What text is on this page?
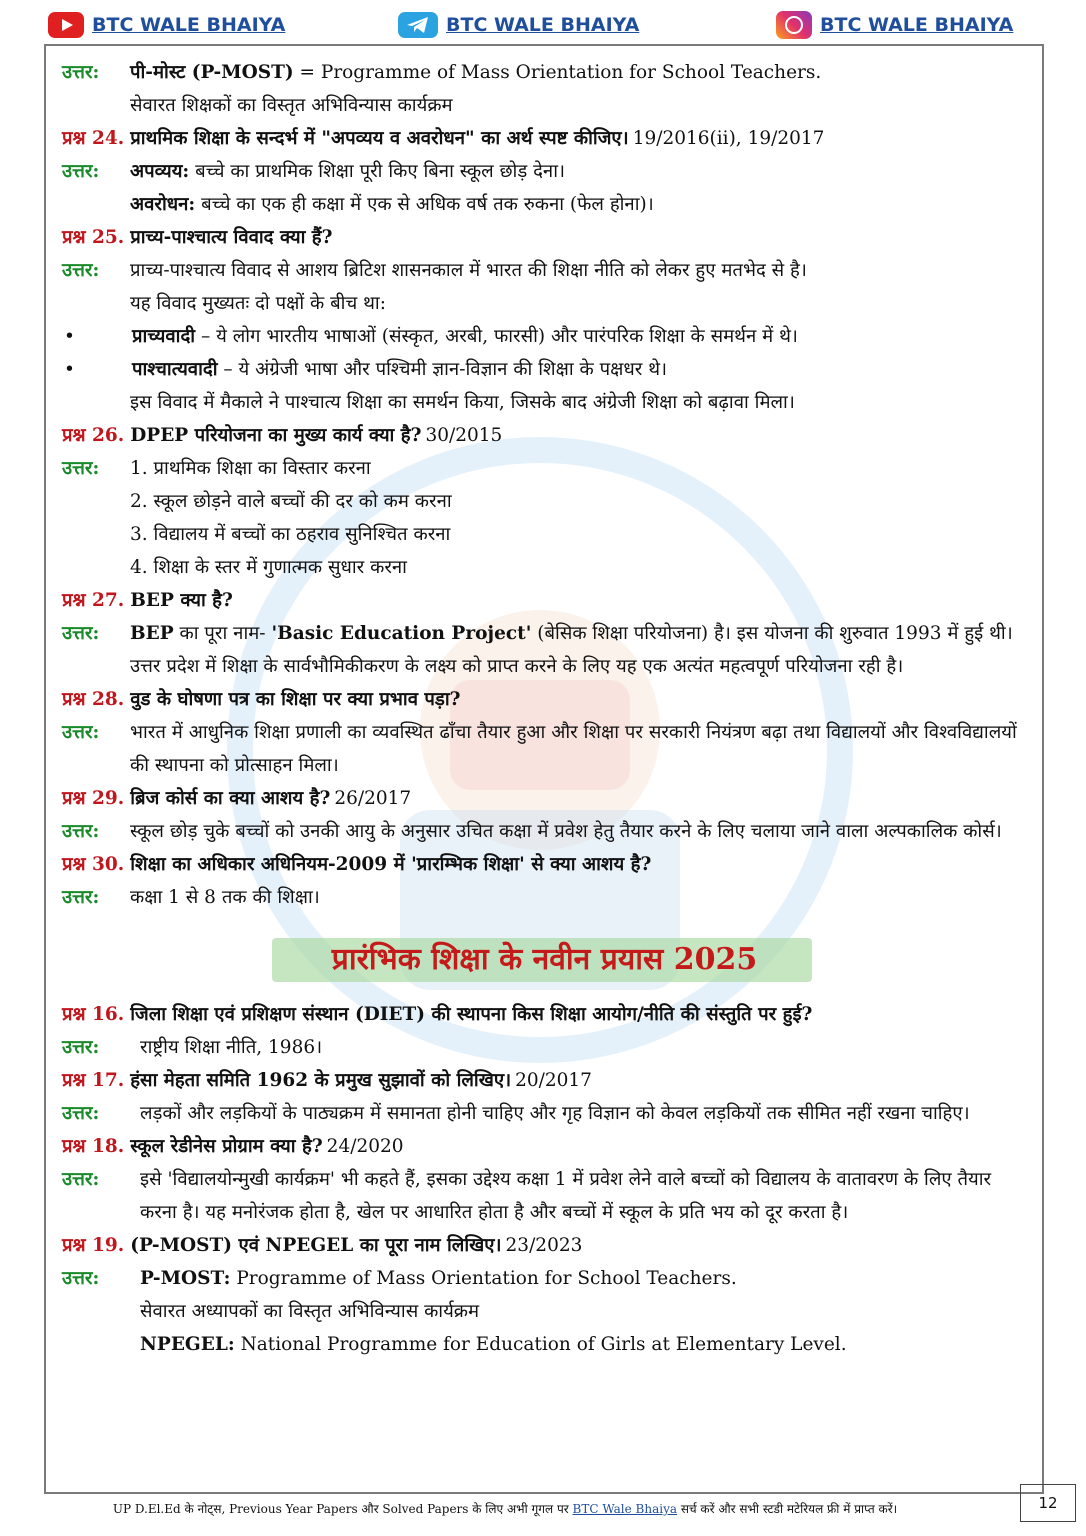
BTC WALE BHAIYA	BTC WALE BHAIYA	BTC WALE BHAIYA
उत्तर:	पी-मोस्ट (P-MOST) = Programme of Mass Orientation for School Teachers.

सेवारत शिक्षकों का विस्तृत अभिविन्यास कार्यक्रम

प्रश्न 24. प्राथमिक शिक्षा के सन्दर्भ में "अपव्यय व अवरोधन" का अर्थ स्पष्ट कीजिए। 19/2016(ii), 19/2017
उत्तर:	अपव्यय: बच्चे का प्राथमिक शिक्षा पूरी किए बिना स्कूल छोड़ देना।

अवरोधन: बच्चे का एक ही कक्षा में एक से अधिक वर्ष तक रुकना (फेल होना)।

प्रश्न 25. प्राच्य-पाश्चात्य विवाद क्या हैं?
उत्तर:	प्राच्य-पाश्चात्य विवाद से आशय ब्रिटिश शासनकाल में भारत की शिक्षा नीति को लेकर हुए मतभेद से है।

यह विवाद मुख्यतः दो पक्षों के बीच था:

•	प्राच्यवादी – ये लोग भारतीय भाषाओं (संस्कृत, अरबी, फारसी) और पारंपरिक शिक्षा के समर्थन में थे।
•	पाश्चात्यवादी – ये अंग्रेजी भाषा और पश्चिमी ज्ञान-विज्ञान की शिक्षा के पक्षधर थे।
इस विवाद में मैकाले ने पाश्चात्य शिक्षा का समर्थन किया, जिसके बाद अंग्रेजी शिक्षा को बढ़ावा मिला।
प्रश्न 26. DPEP परियोजना का मुख्य कार्य क्या है? 30/2015
उत्तर:	1. प्राथमिक शिक्षा का विस्तार करना

2. स्कूल छोड़ने वाले बच्चों की दर को कम करना

3. विद्यालय में बच्चों का ठहराव सुनिश्चित करना

4. शिक्षा के स्तर में गुणात्मक सुधार करना

प्रश्न 27. BEP क्या है?
उत्तर:	BEP का पूरा नाम- 'Basic Education Project' (बेसिक शिक्षा परियोजना) है। इस योजना की शुरुवात 1993 में हुई थी। उत्तर प्रदेश में शिक्षा के सार्वभौमिकीकरण के लक्ष्य को प्राप्त करने के लिए यह एक अत्यंत महत्वपूर्ण परियोजना रही है।
प्रश्न 28. वुड के घोषणा पत्र का शिक्षा पर क्या प्रभाव पड़ा?
उत्तर:	भारत में आधुनिक शिक्षा प्रणाली का व्यवस्थित ढाँचा तैयार हुआ और शिक्षा पर सरकारी नियंत्रण बढ़ा तथा विद्यालयों और विश्वविद्यालयों की स्थापना को प्रोत्साहन मिला।
प्रश्न 29. ब्रिज कोर्स का क्या आशय है? 26/2017
उत्तर:	स्कूल छोड़ चुके बच्चों को उनकी आयु के अनुसार उचित कक्षा में प्रवेश हेतु तैयार करने के लिए चलाया जाने वाला अल्पकालिक कोर्स।
प्रश्न 30. शिक्षा का अधिकार अधिनियम-2009 में 'प्रारम्भिक शिक्षा' से क्या आशय है?
उत्तर:	कक्षा 1 से 8 तक की शिक्षा।
प्रारंभिक शिक्षा के नवीन प्रयास 2025
प्रश्न 16. जिला शिक्षा एवं प्रशिक्षण संस्थान (DIET) की स्थापना किस शिक्षा आयोग/नीति की संस्तुति पर हुई?
उत्तर:	राष्ट्रीय शिक्षा नीति, 1986।
प्रश्न 17. हंसा मेहता समिति 1962 के प्रमुख सुझावों को लिखिए। 20/2017
उत्तर:	लड़कों और लड़कियों के पाठ्यक्रम में समानता होनी चाहिए और गृह विज्ञान को केवल लड़कियों तक सीमित नहीं रखना चाहिए।
प्रश्न 18. स्कूल रेडीनेस प्रोग्राम क्या है? 24/2020
उत्तर:	इसे 'विद्यालयोन्मुखी कार्यक्रम' भी कहते हैं, इसका उद्देश्य कक्षा 1 में प्रवेश लेने वाले बच्चों को विद्यालय के वातावरण के लिए तैयार करना है। यह मनोरंजक होता है, खेल पर आधारित होता है और बच्चों में स्कूल के प्रति भय को दूर करता है।
प्रश्न 19. (P-MOST) एवं NPEGEL का पूरा नाम लिखिए। 23/2023
उत्तर:	P-MOST: Programme of Mass Orientation for School Teachers.

सेवारत अध्यापकों का विस्तृत अभिविन्यास कार्यक्रम

NPEGEL: National Programme for Education of Girls at Elementary Level.

UP D.El.Ed के नोट्स, Previous Year Papers और Solved Papers के लिए अभी गूगल पर BTC Wale Bhaiya सर्च करें और सभी स्टडी मटेरियल फ्री में प्राप्त करें।	12
